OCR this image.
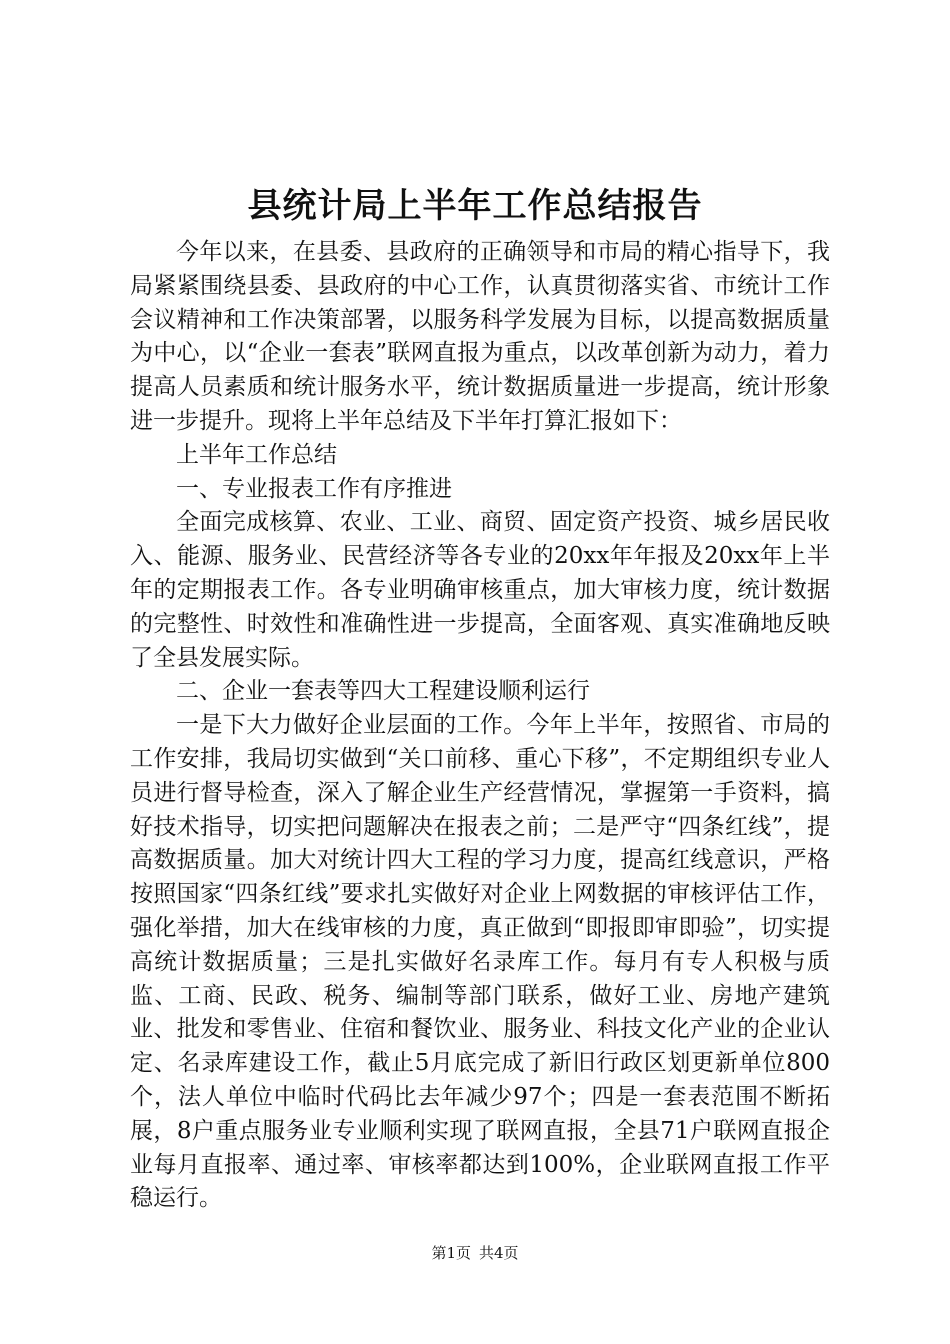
县统计局上半年工作总结报告

今年以来，在县委、县政府的正确领导和市局的精心指导下，我局紧紧围绕县委、县政府的中心工作，认真贯彻落实省、市统计工作会议精神和工作决策部署，以服务科学发展为目标，以提高数据质量为中心，以“企业一套表”联网直报为重点，以改革创新为动力，着力提高人员素质和统计服务水平，统计数据质量进一步提高，统计形象进一步提升。现将上半年总结及下半年打算汇报如下：

上半年工作总结

一、专业报表工作有序推进

全面完成核算、农业、工业、商贸、固定资产投资、城乡居民收入、能源、服务业、民营经济等各专业的20xx年年报及20xx年上半年的定期报表工作。各专业明确审核重点，加大审核力度，统计数据的完整性、时效性和准确性进一步提高，全面客观、真实准确地反映了全县发展实际。

二、企业一套表等四大工程建设顺利运行

一是下大力做好企业层面的工作。今年上半年，按照省、市局的工作安排，我局切实做到“关口前移、重心下移”，不定期组织专业人员进行督导检查，深入了解企业生产经营情况，掌握第一手资料，搞好技术指导，切实把问题解决在报表之前；二是严守“四条红线”，提高数据质量。加大对统计四大工程的学习力度，提高红线意识，严格按照国家“四条红线”要求扎实做好对企业上网数据的审核评估工作，强化举措，加大在线审核的力度，真正做到“即报即审即验”，切实提高统计数据质量；三是扎实做好名录库工作。每月有专人积极与质监、工商、民政、税务、编制等部门联系，做好工业、房地产建筑业、批发和零售业、住宿和餐饮业、服务业、科技文化产业的企业认定、名录库建设工作，截止5月底完成了新旧行政区划更新单位800个，法人单位中临时代码比去年减少97个；四是一套表范围不断拓展，8户重点服务业专业顺利实现了联网直报，全县71户联网直报企业每月直报率、通过率、审核率都达到100%，企业联网直报工作平稳运行。

第1页 共4页
